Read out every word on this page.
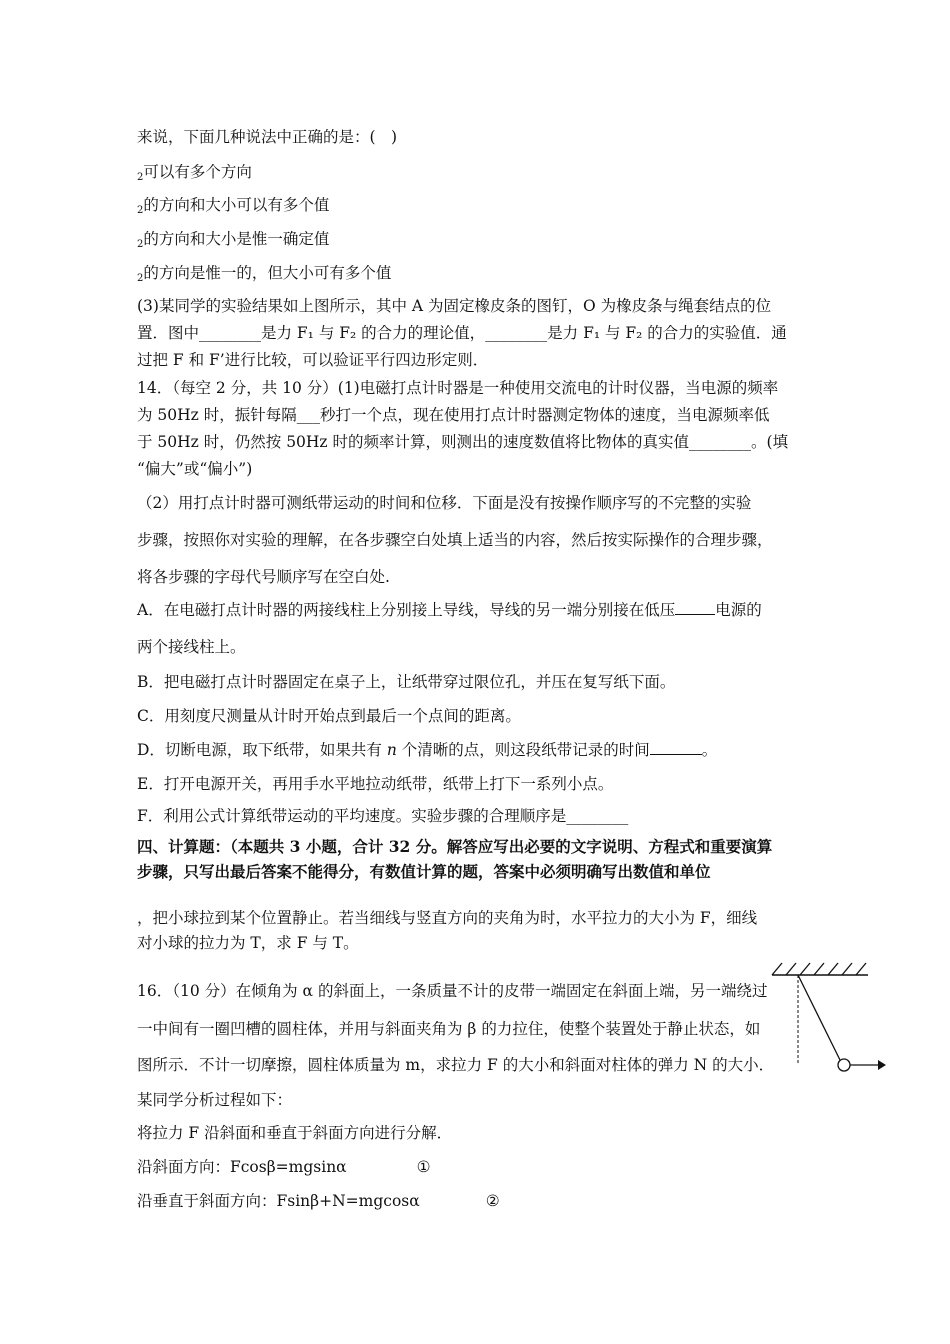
来说，下面几种说法中正确的是：(　)
$_2$可以有多个方向
$_2$的方向和大小可以有多个值
$_2$的方向和大小是惟一确定值
$_2$的方向是惟一的，但大小可有多个值
(3)某同学的实验结果如上图所示，其中 A 为固定橡皮条的图钉，O 为橡皮条与绳套结点的位
置．图中________是力 F₁ 与 F₂ 的合力的理论值，________是力 F₁ 与 F₂ 的合力的实验值．通
过把 F 和 F’进行比较，可以验证平行四边形定则．
14．（每空 2 分，共 10 分）(1)电磁打点计时器是一种使用交流电的计时仪器，当电源的频率
为 50Hz 时，振针每隔___秒打一个点，现在使用打点计时器测定物体的速度，当电源频率低
于 50Hz 时，仍然按 50Hz 时的频率计算，则测出的速度数值将比物体的真实值________。(填
“偏大”或“偏小”)
（2）用打点计时器可测纸带运动的时间和位移．下面是没有按操作顺序写的不完整的实验
步骤，按照你对实验的理解，在各步骤空白处填上适当的内容，然后按实际操作的合理步骤，
将各步骤的字母代号顺序写在空白处.
A．在电磁打点计时器的两接线柱上分别接上导线，导线的另一端分别接在低压	电源的
两个接线柱上。
B．把电磁打点计时器固定在桌子上，让纸带穿过限位孔，并压在复写纸下面。
C．用刻度尺测量从计时开始点到最后一个点间的距离。
D．切断电源，取下纸带，如果共有 n 个清晰的点，则这段纸带记录的时间	。
E．打开电源开关，再用手水平地拉动纸带，纸带上打下一系列小点。
F．利用公式计算纸带运动的平均速度。实验步骤的合理顺序是________
四、计算题：（本题共 3 小题，合计 32 分。解答应写出必要的文字说明、方程式和重要演算
步骤，只写出最后答案不能得分，有数值计算的题，答案中必须明确写出数值和单位
，把小球拉到某个位置静止。若当细线与竖直方向的夹角为时，水平拉力的大小为 F，细线
对小球的拉力为 T，求 F 与 T。
16．（10 分）在倾角为 α 的斜面上，一条质量不计的皮带一端固定在斜面上端，另一端绕过
一中间有一圈凹槽的圆柱体，并用与斜面夹角为 β 的力拉住，使整个装置处于静止状态，如
图所示．不计一切摩擦，圆柱体质量为 m，求拉力 F 的大小和斜面对柱体的弹力 N 的大小．
某同学分析过程如下：
将拉力 F 沿斜面和垂直于斜面方向进行分解．
沿斜面方向：Fcosβ=mgsinα	①
沿垂直于斜面方向：Fsinβ+N=mgcosα	②
